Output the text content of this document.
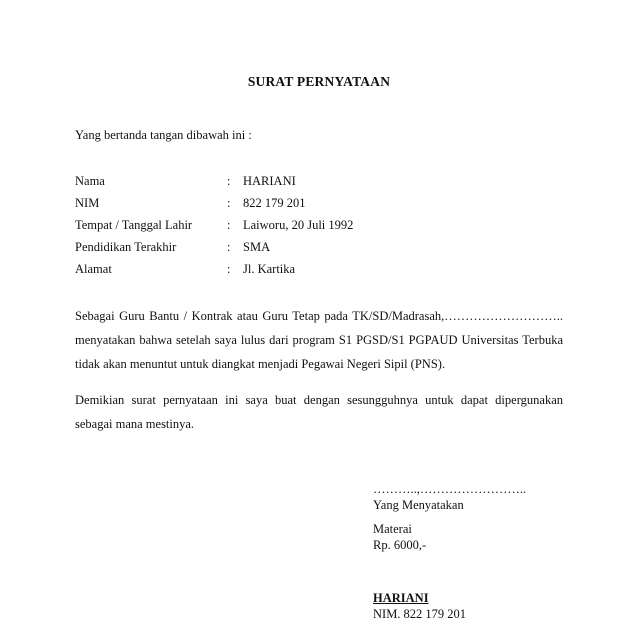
SURAT PERNYATAAN
Yang bertanda tangan dibawah ini :
Nama	: HARIANI
NIM	: 822 179 201
Tempat / Tanggal Lahir	: Laiworu, 20 Juli 1992
Pendidikan Terakhir	: SMA
Alamat	: Jl. Kartika

Sebagai Guru Bantu / Kontrak atau Guru Tetap pada TK/SD/Madrasah,………………………..

menyatakan bahwa setelah saya lulus dari program S1 PGSD/S1 PGPAUD Universitas Terbuka

tidak akan menuntut untuk diangkat menjadi Pegawai Negeri Sipil (PNS).

Demikian surat pernyataan ini saya buat dengan sesungguhnya untuk dapat dipergunakan

sebagai mana mestinya.

………..,……………………..
Yang Menyatakan
Materai
Rp. 6000,-
HARIANI
NIM. 822 179 201
